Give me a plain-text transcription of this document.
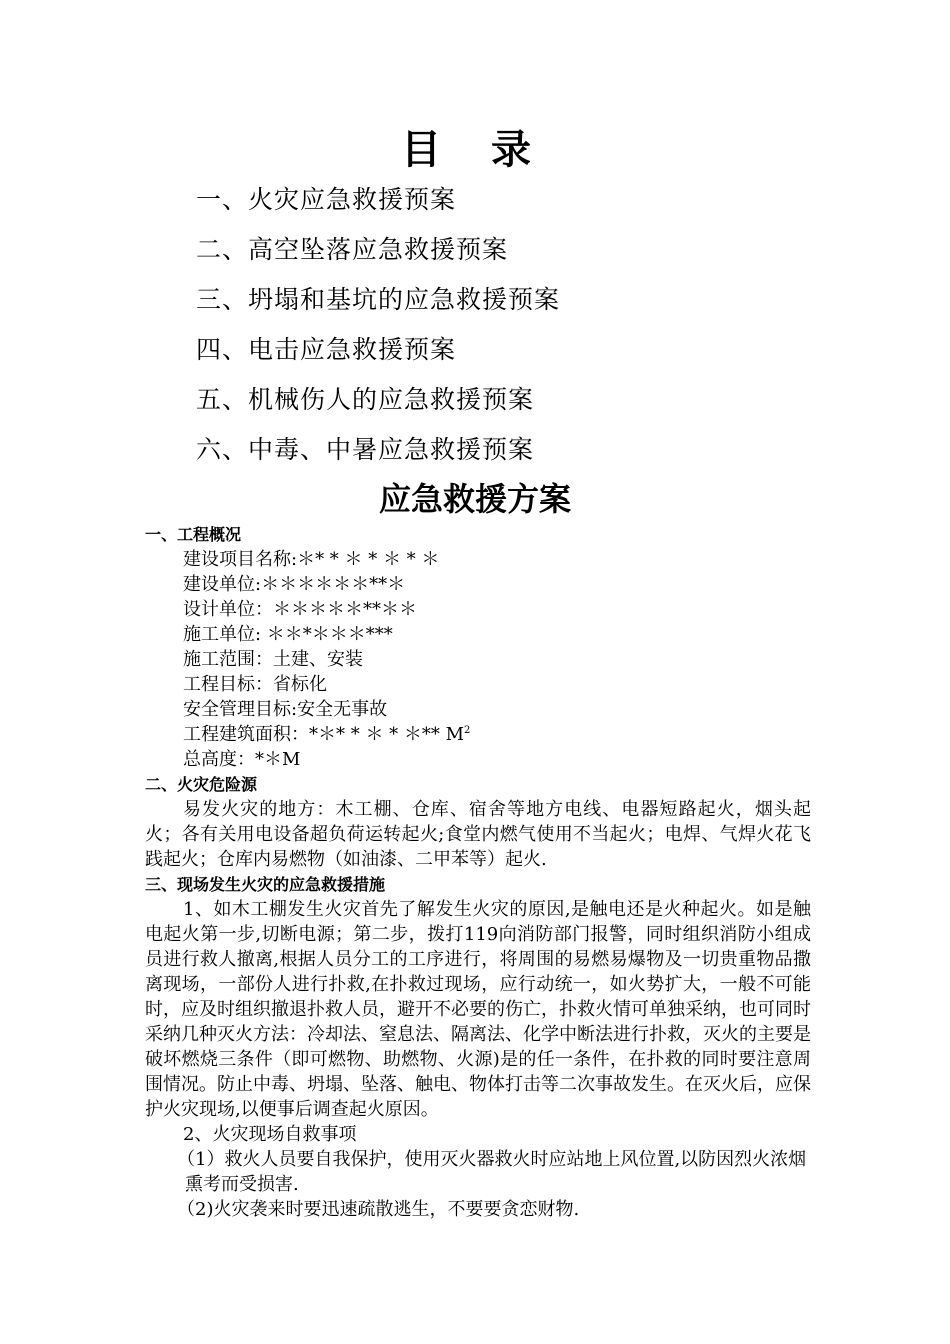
目 录
一、火灾应急救援预案
二、高空坠落应急救援预案
三、坍塌和基坑的应急救援预案
四、电击应急救援预案
五、机械伤人的应急救援预案
六、中毒、中暑应急救援预案
应急救援方案
一、工程概况
建设项目名称:＊* * ＊ * ＊ * ＊
建设单位:＊＊＊＊＊＊**＊
设计单位：＊＊＊＊＊**＊＊
施工单位: ＊＊*＊＊＊***
施工范围：土建、安装
工程目标：省标化
安全管理目标:安全无事故
工程建筑面积：*＊* * ＊ * ＊** $M^2$
总高度：*＊M
二、火灾危险源
易发火灾的地方：木工棚、仓库、宿舍等地方电线、电器短路起火，烟头起火；各有关用电设备超负荷运转起火;食堂内燃气使用不当起火；电焊、气焊火花飞践起火；仓库内易燃物（如油漆、二甲苯等）起火.
三、现场发生火灾的应急救援措施
1、如木工棚发生火灾首先了解发生火灾的原因,是触电还是火种起火。如是触电起火第一步,切断电源；第二步，拨打119向消防部门报警，同时组织消防小组成员进行救人撤离,根据人员分工的工序进行，将周围的易燃易爆物及一切贵重物品撒离现场，一部份人进行扑救,在扑救过现场，应行动统一，如火势扩大，一般不可能时，应及时组织撤退扑救人员，避开不必要的伤亡，扑救火情可单独采纳，也可同时采纳几种灭火方法：冷却法、窒息法、隔离法、化学中断法进行扑救，灭火的主要是破坏燃烧三条件（即可燃物、助燃物、火源)是的任一条件，在扑救的同时要注意周围情况。防止中毒、坍塌、坠落、触电、物体打击等二次事故发生。在灭火后，应保护火灾现场,以便事后调查起火原因。
2、火灾现场自救事项
（1）救火人员要自我保护，使用灭火器救火时应站地上风位置,以防因烈火浓烟熏考而受损害.
（2)火灾袭来时要迅速疏散逃生，不要要贪恋财物.
